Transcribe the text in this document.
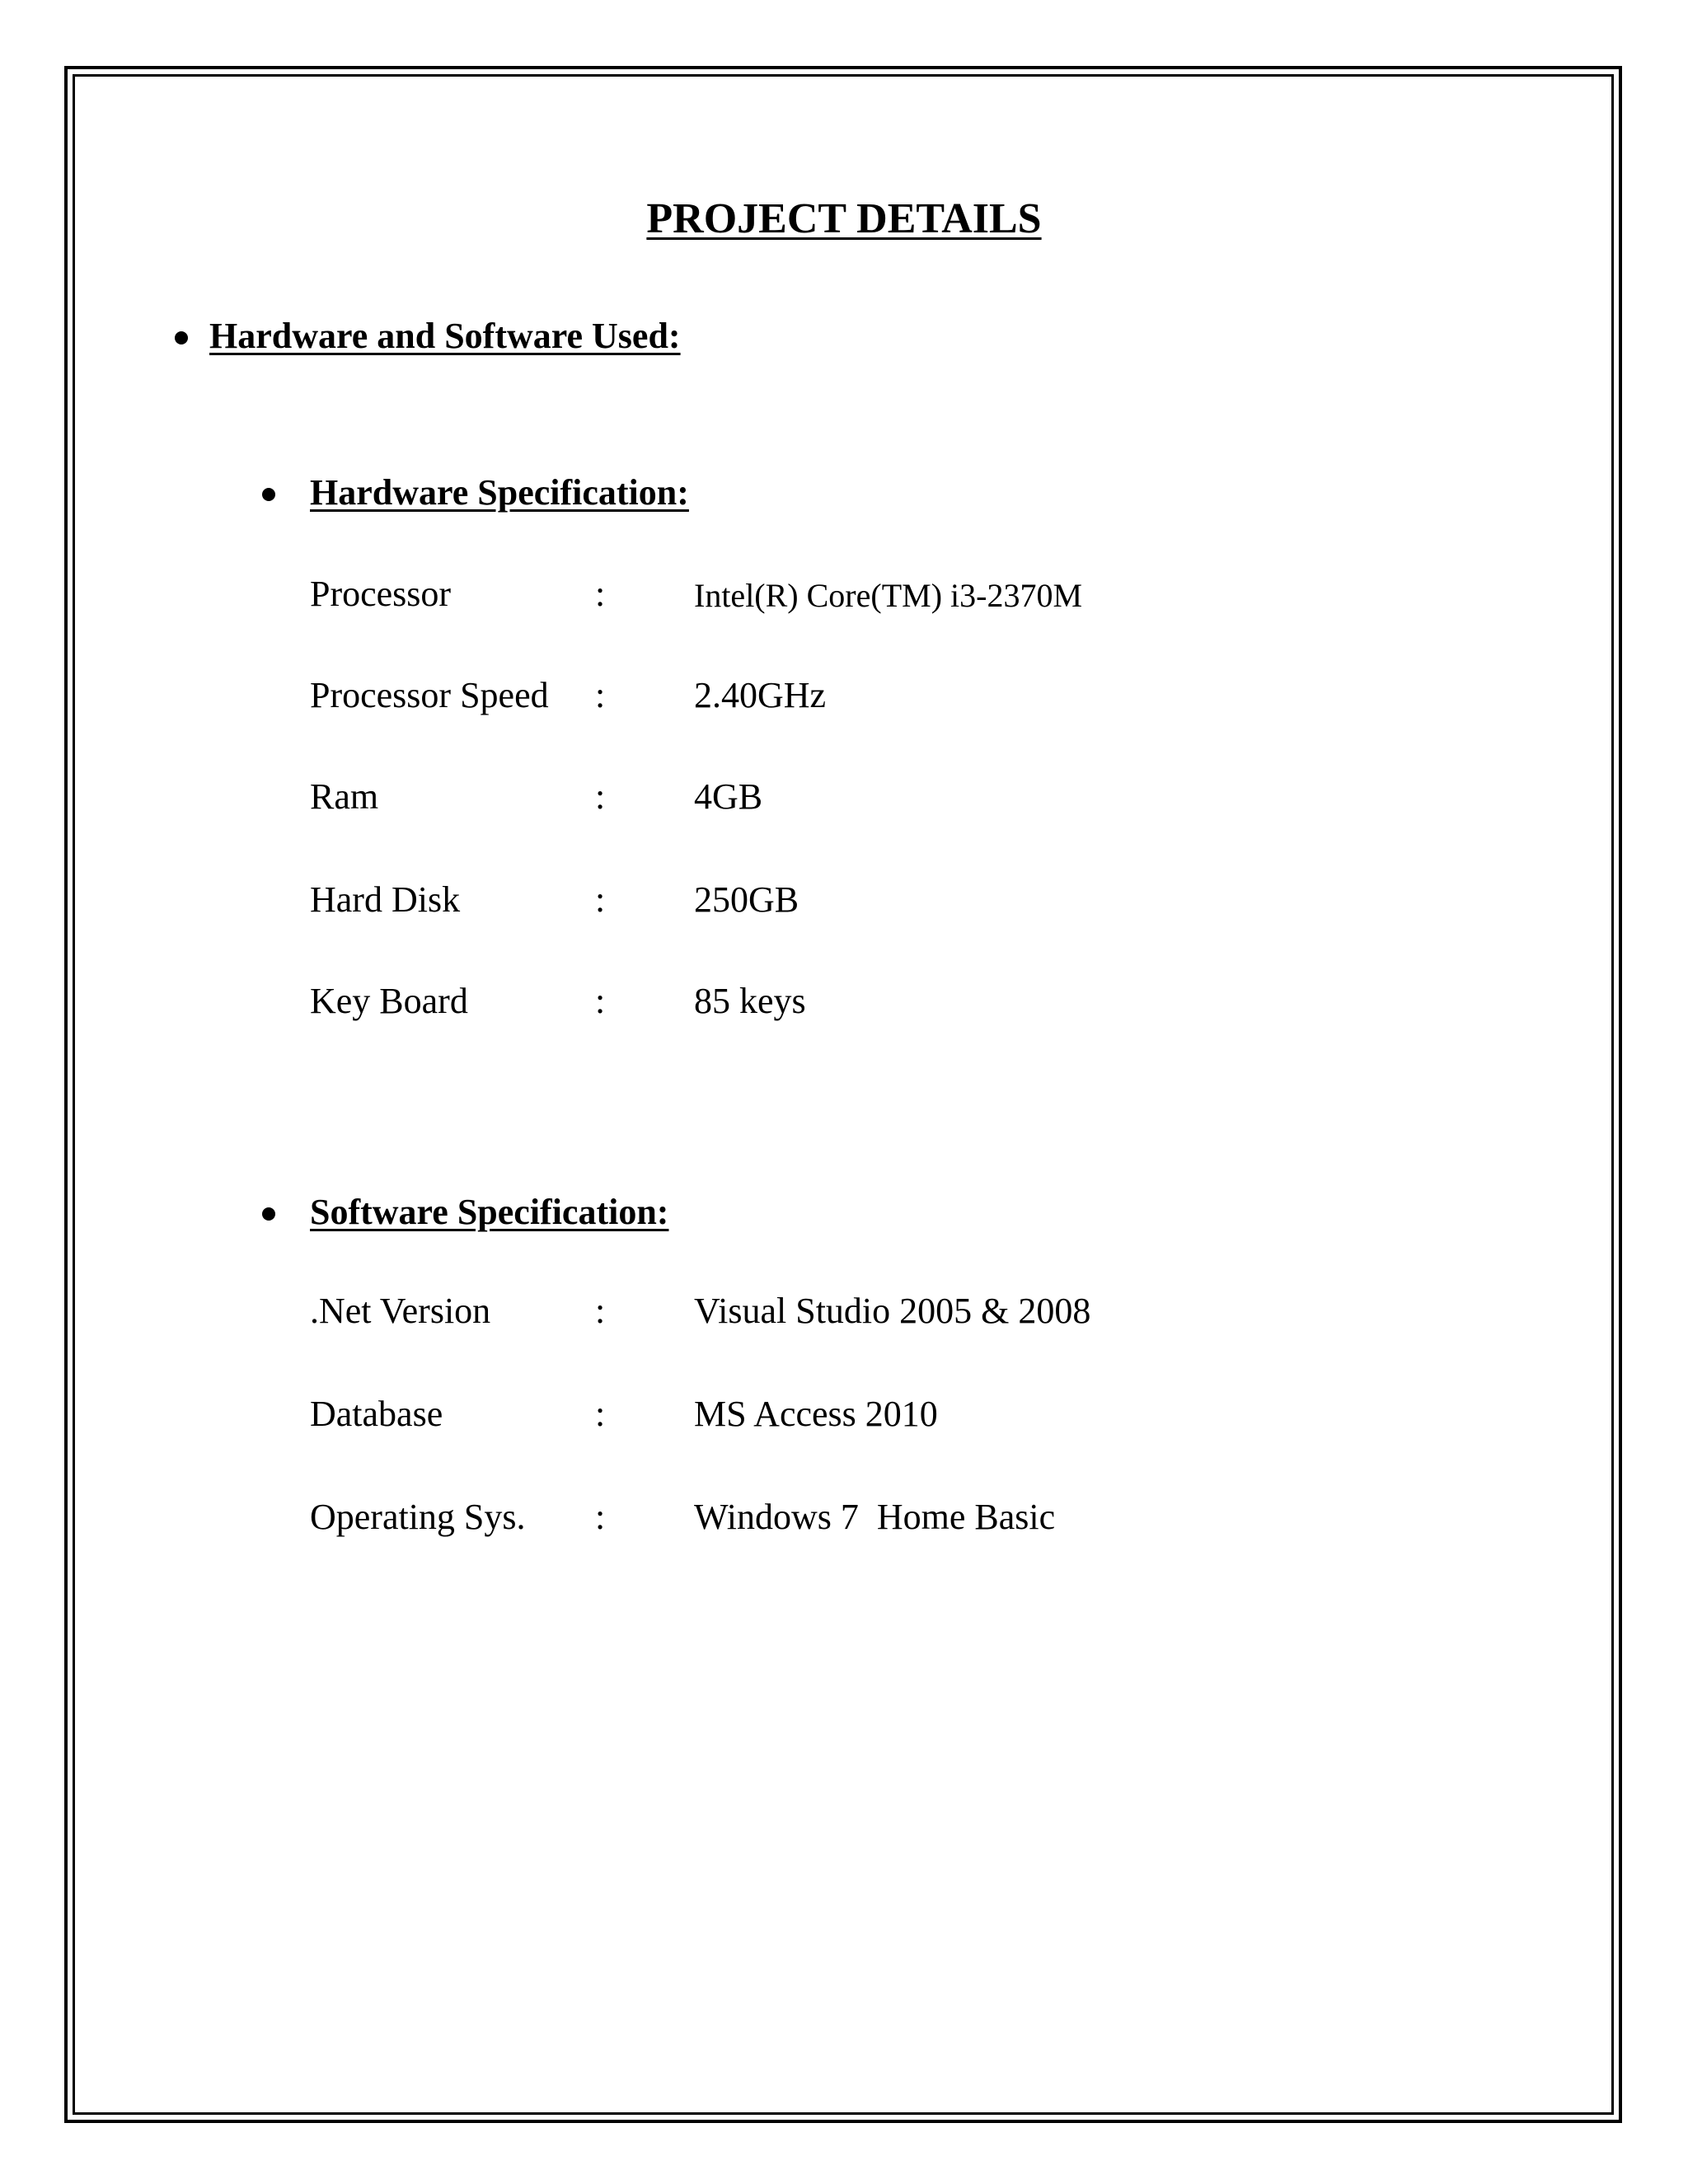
PROJECT DETAILS
Hardware and Software Used:
Hardware Specification:
Processor	:	Intel(R) Core(TM) i3-2370M
Processor Speed : 2.40GHz
Ram	: 4GB
Hard Disk	: 250GB
Key Board	: 85 keys
Software Specification:
.Net Version	: Visual Studio 2005 & 2008
Database	: MS Access 2010
Operating Sys. : Windows 7  Home Basic
